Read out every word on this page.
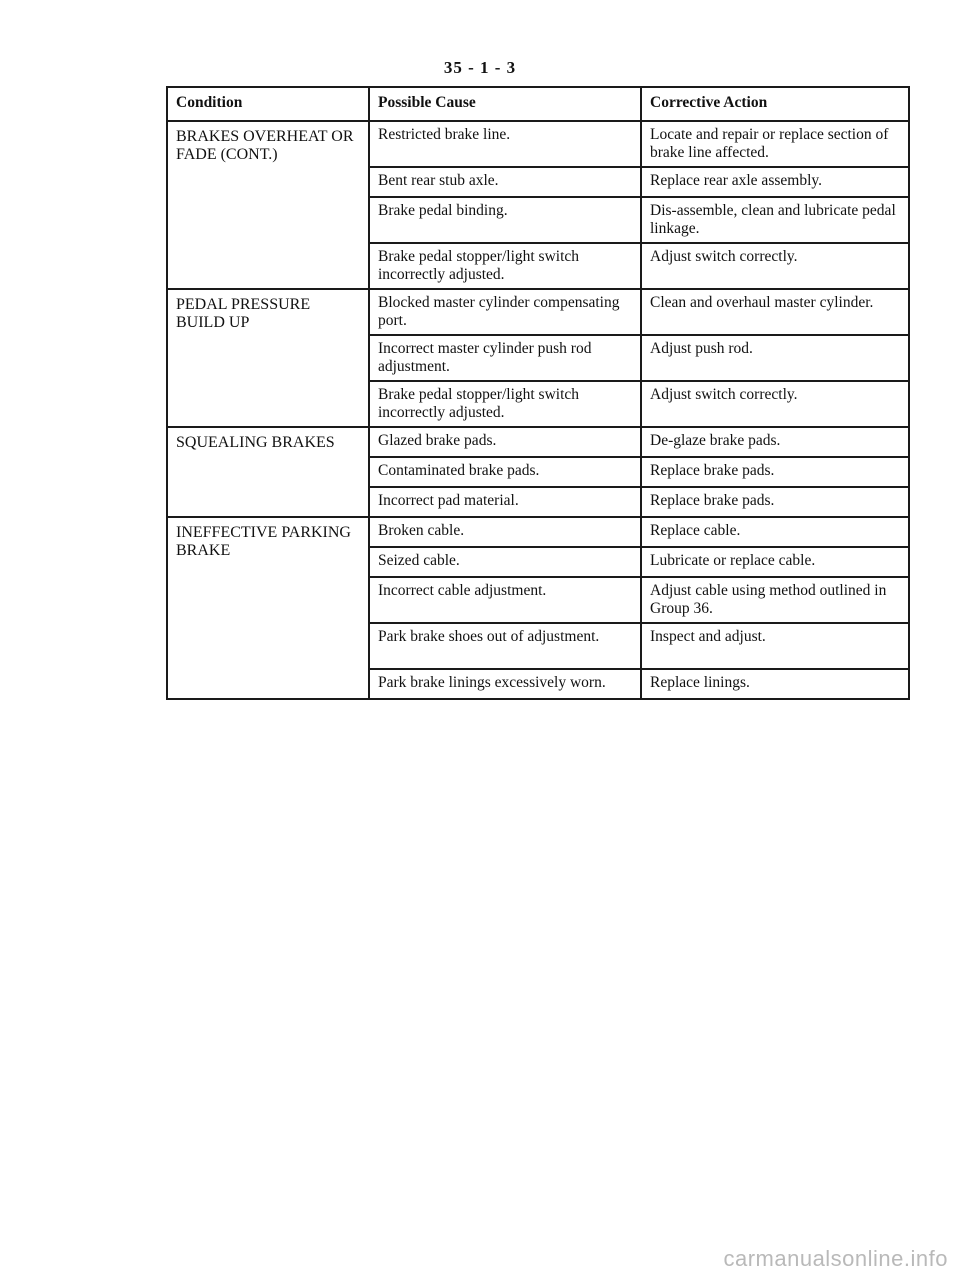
35 - 1 - 3
Condition	Possible Cause	Corrective Action
BRAKES OVERHEAT OR FADE (CONT.)	Restricted brake line.	Locate and repair or replace section of brake line affected.
	Bent rear stub axle.	Replace rear axle assembly.
	Brake pedal binding.	Dis-assemble, clean and lubricate pedal linkage.
	Brake pedal stopper/light switch incorrectly adjusted.	Adjust switch correctly.
PEDAL PRESSURE BUILD UP	Blocked master cylinder compensating port.	Clean and overhaul master cylinder.
	Incorrect master cylinder push rod adjustment.	Adjust push rod.
	Brake pedal stopper/light switch incorrectly adjusted.	Adjust switch correctly.
SQUEALING BRAKES	Glazed brake pads.	De-glaze brake pads.
	Contaminated brake pads.	Replace brake pads.
	Incorrect pad material.	Replace brake pads.
INEFFECTIVE PARKING BRAKE	Broken cable.	Replace cable.
	Seized cable.	Lubricate or replace cable.
	Incorrect cable adjustment.	Adjust cable using method outlined in Group 36.
	Park brake shoes out of adjustment.	Inspect and adjust.
	Park brake linings excessively worn.	Replace linings.
carmanualsonline.info
